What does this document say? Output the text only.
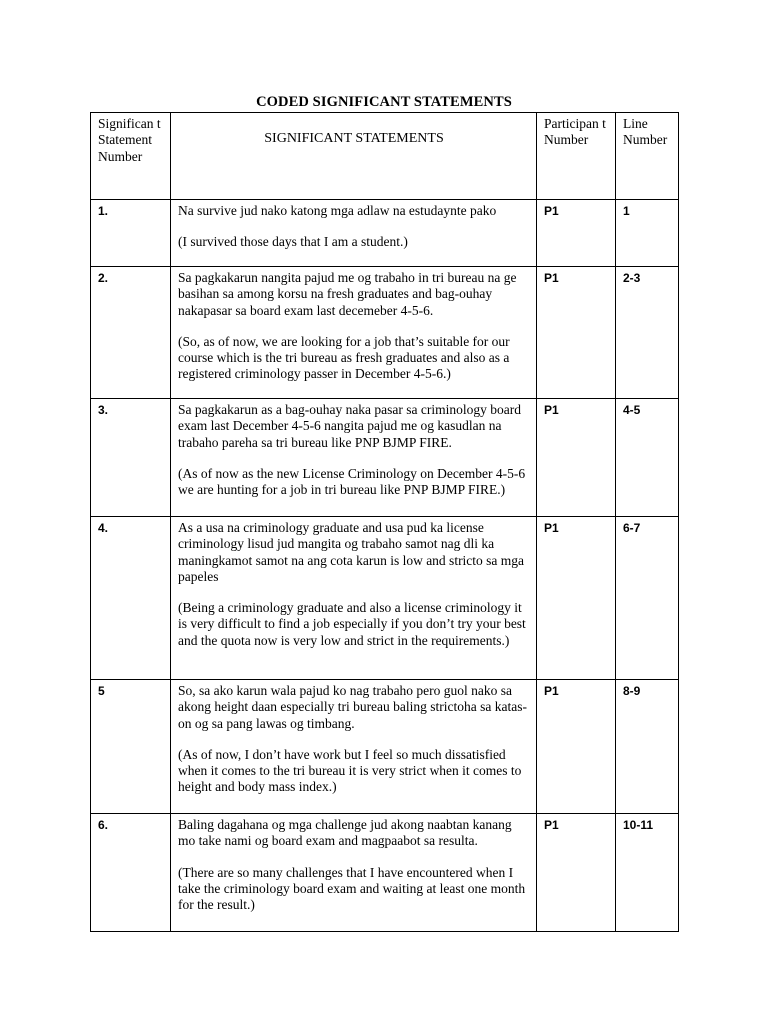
CODED SIGNIFICANT STATEMENTS
Significan t Statement Number	SIGNIFICANT STATEMENTS	Participan t Number	Line Number
1.	Na survive jud nako katong mga adlaw na estudaynte pako
(I survived those days that I am a student.)	P1	1
2.	Sa pagkakarun nangita pajud me og trabaho in tri bureau na ge basihan sa among korsu na fresh graduates and bag-ouhay nakapasar sa board exam last decemeber 4-5-6.
(So, as of now, we are looking for a job that’s suitable for our course which is the tri bureau as fresh graduates and also as a registered criminology passer in December 4-5-6.)	P1	2-3
3.	Sa pagkakarun as a bag-ouhay naka pasar sa criminology board exam last December 4-5-6 nangita pajud me og kasudlan na trabaho pareha sa tri bureau like PNP BJMP FIRE.
(As of now as the new License Criminology on December 4-5-6 we are hunting for a job in tri bureau like PNP BJMP FIRE.)	P1	4-5
4.	As a usa na criminology graduate and usa pud ka license criminology lisud jud mangita og trabaho samot nag dli ka maningkamot samot na ang cota karun is low and stricto sa mga papeles
(Being a criminology graduate and also a license criminology it is very difficult to find a job especially if you don’t try your best and the quota now is very low and strict in the requirements.)	P1	6-7
5	So, sa ako karun wala pajud ko nag trabaho pero guol nako sa akong height daan especially tri bureau baling strictoha sa katas-on og sa pang lawas og timbang.
(As of now, I don’t have work but I feel so much dissatisfied when it comes to the tri bureau it is very strict when it comes to height and body mass index.)	P1	8-9
6.	Baling dagahana og mga challenge jud akong naabtan kanang mo take nami og board exam and magpaabot sa resulta.
(There are so many challenges that I have encountered when I take the criminology board exam and waiting at least one month for the result.)	P1	10-11
